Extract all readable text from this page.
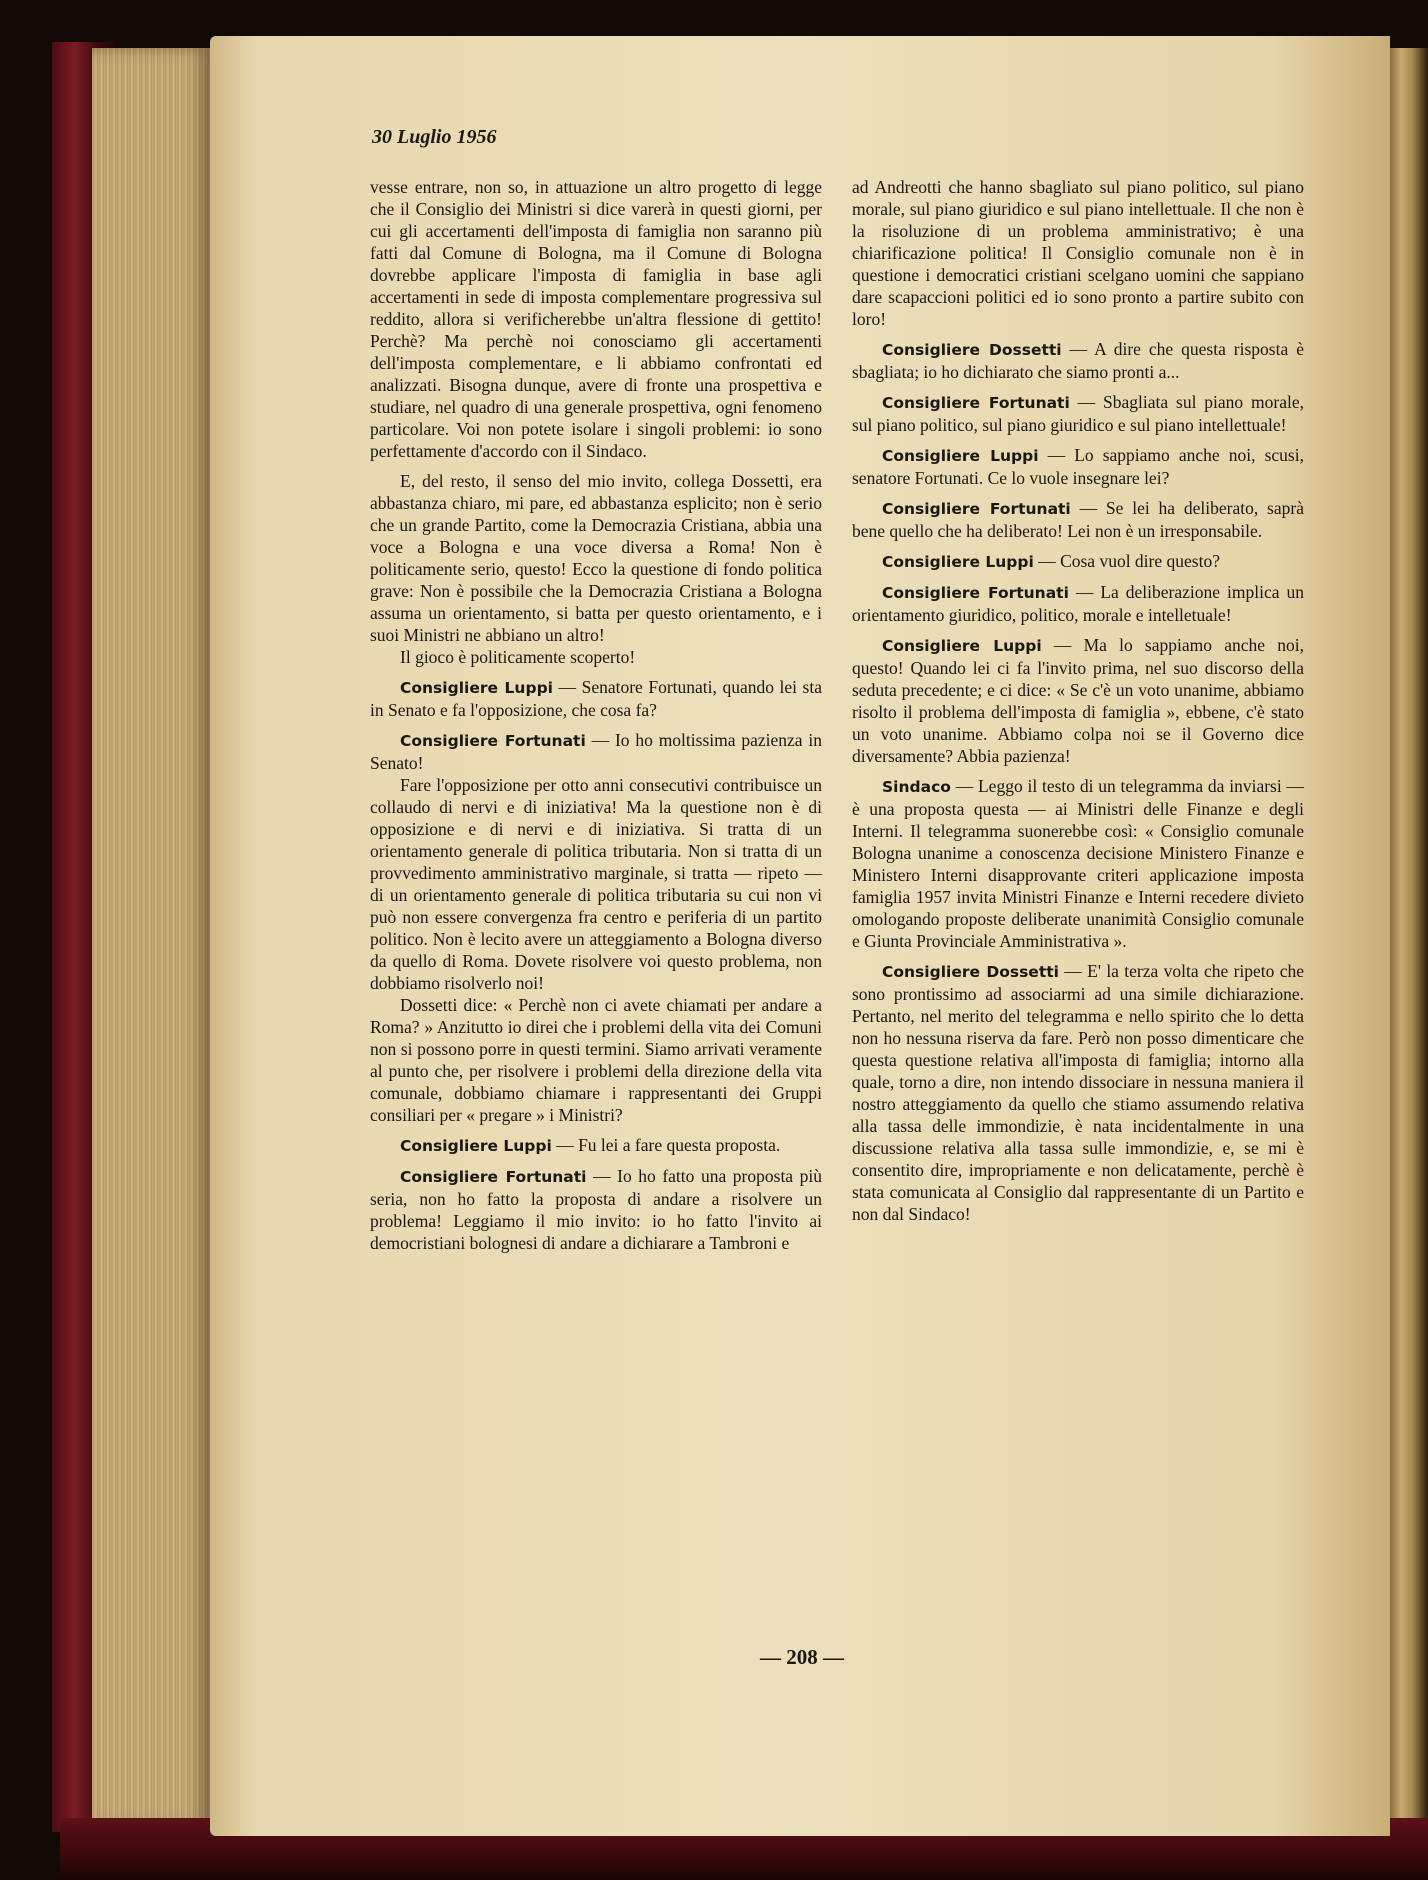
30 Luglio 1956

vesse entrare, non so, in attuazione un altro progetto di legge che il Consiglio dei Ministri si dice varerà in questi giorni, per cui gli accertamenti dell'imposta di famiglia non saranno più fatti dal Comune di Bologna, ma il Comune di Bologna dovrebbe applicare l'imposta di famiglia in base agli accertamenti in sede di imposta complementare progressiva sul reddito, allora si verificherebbe un'altra flessione di gettito! Perchè? Ma perchè noi conosciamo gli accertamenti dell'imposta complementare, e li abbiamo confrontati ed analizzati. Bisogna dunque, avere di fronte una prospettiva e studiare, nel quadro di una generale prospettiva, ogni fenomeno particolare. Voi non potete isolare i singoli problemi: io sono perfettamente d'accordo con il Sindaco.

E, del resto, il senso del mio invito, collega Dossetti, era abbastanza chiaro, mi pare, ed abbastanza esplicito; non è serio che un grande Partito, come la Democrazia Cristiana, abbia una voce a Bologna e una voce diversa a Roma! Non è politicamente serio, questo! Ecco la questione di fondo politica grave: Non è possibile che la Democrazia Cristiana a Bologna assuma un orientamento, si batta per questo orientamento, e i suoi Ministri ne abbiano un altro!

Il gioco è politicamente scoperto!

Consigliere Luppi — Senatore Fortunati, quando lei sta in Senato e fa l'opposizione, che cosa fa?

Consigliere Fortunati — Io ho moltissima pazienza in Senato!

Fare l'opposizione per otto anni consecutivi contribuisce un collaudo di nervi e di iniziativa! Ma la questione non è di opposizione e di nervi e di iniziativa. Si tratta di un orientamento generale di politica tributaria. Non si tratta di un provvedimento amministrativo marginale, si tratta — ripeto — di un orientamento generale di politica tributaria su cui non vi può non essere convergenza fra centro e periferia di un partito politico. Non è lecito avere un atteggiamento a Bologna diverso da quello di Roma. Dovete risolvere voi questo problema, non dobbiamo risolverlo noi!

Dossetti dice: « Perchè non ci avete chiamati per andare a Roma? » Anzitutto io direi che i problemi della vita dei Comuni non si possono porre in questi termini. Siamo arrivati veramente al punto che, per risolvere i problemi della direzione della vita comunale, dobbiamo chiamare i rappresentanti dei Gruppi consiliari per « pregare » i Ministri?

Consigliere Luppi — Fu lei a fare questa proposta.

Consigliere Fortunati — Io ho fatto una proposta più seria, non ho fatto la proposta di andare a risolvere un problema! Leggiamo il mio invito: io ho fatto l'invito ai democristiani bolognesi di andare a dichiarare a Tambroni e

ad Andreotti che hanno sbagliato sul piano politico, sul piano morale, sul piano giuridico e sul piano intellettuale. Il che non è la risoluzione di un problema amministrativo; è una chiarificazione politica! Il Consiglio comunale non è in questione i democratici cristiani scelgano uomini che sappiano dare scapaccioni politici ed io sono pronto a partire subito con loro!

Consigliere Dossetti — A dire che questa risposta è sbagliata; io ho dichiarato che siamo pronti a...

Consigliere Fortunati — Sbagliata sul piano morale, sul piano politico, sul piano giuridico e sul piano intellettuale!

Consigliere Luppi — Lo sappiamo anche noi, scusi, senatore Fortunati. Ce lo vuole insegnare lei?

Consigliere Fortunati — Se lei ha deliberato, saprà bene quello che ha deliberato! Lei non è un irresponsabile.

Consigliere Luppi — Cosa vuol dire questo?

Consigliere Fortunati — La deliberazione implica un orientamento giuridico, politico, morale e intelletuale!

Consigliere Luppi — Ma lo sappiamo anche noi, questo! Quando lei ci fa l'invito prima, nel suo discorso della seduta precedente; e ci dice: « Se c'è un voto unanime, abbiamo risolto il problema dell'imposta di famiglia », ebbene, c'è stato un voto unanime. Abbiamo colpa noi se il Governo dice diversamente? Abbia pazienza!

Sindaco — Leggo il testo di un telegramma da inviarsi — è una proposta questa — ai Ministri delle Finanze e degli Interni. Il telegramma suonerebbe così: « Consiglio comunale Bologna unanime a conoscenza decisione Ministero Finanze e Ministero Interni disapprovante criteri applicazione imposta famiglia 1957 invita Ministri Finanze e Interni recedere divieto omologando proposte deliberate unanimità Consiglio comunale e Giunta Provinciale Amministrativa ».

Consigliere Dossetti — E' la terza volta che ripeto che sono prontissimo ad associarmi ad una simile dichiarazione. Pertanto, nel merito del telegramma e nello spirito che lo detta non ho nessuna riserva da fare. Però non posso dimenticare che questa questione relativa all'imposta di famiglia; intorno alla quale, torno a dire, non intendo dissociare in nessuna maniera il nostro atteggiamento da quello che stiamo assumendo relativa alla tassa delle immondizie, è nata incidentalmente in una discussione relativa alla tassa sulle immondizie, e, se mi è consentito dire, impropriamente e non delicatamente, perchè è stata comunicata al Consiglio dal rappresentante di un Partito e non dal Sindaco!

— 208 —
